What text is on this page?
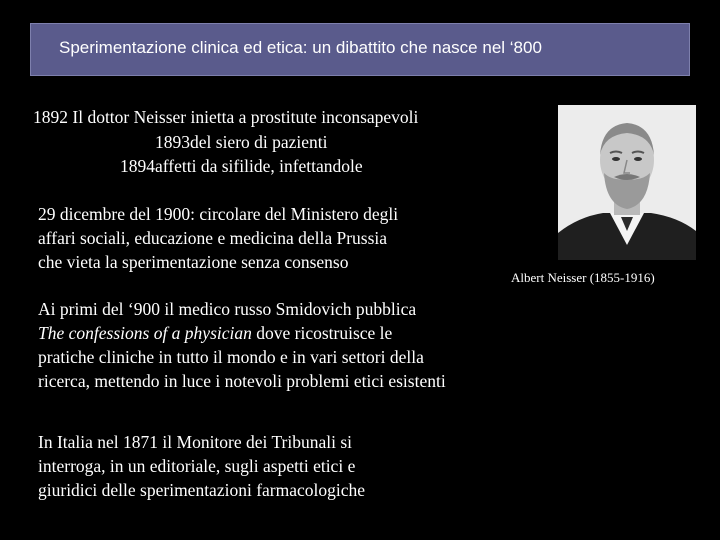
Sperimentazione clinica ed etica: un dibattito che nasce nel ‘800
1892 Il dottor Neisser inietta a prostitute inconsapevoli
1893del siero di pazienti
1894affetti da sifilide, infettandole
29 dicembre del 1900: circolare del Ministero degli
affari sociali, educazione e medicina della Prussia
che vieta la sperimentazione senza consenso
Ai primi del ‘900 il medico russo Smidovich pubblica
The confessions of a physician dove ricostruisce le
pratiche cliniche in tutto il mondo e in vari settori della
ricerca, mettendo in luce i notevoli problemi etici esistenti
In Italia nel 1871 il Monitore dei Tribunali si
interroga, in un editoriale, sugli aspetti etici e
giuridici delle sperimentazioni farmacologiche
Albert Neisser (1855-1916)
